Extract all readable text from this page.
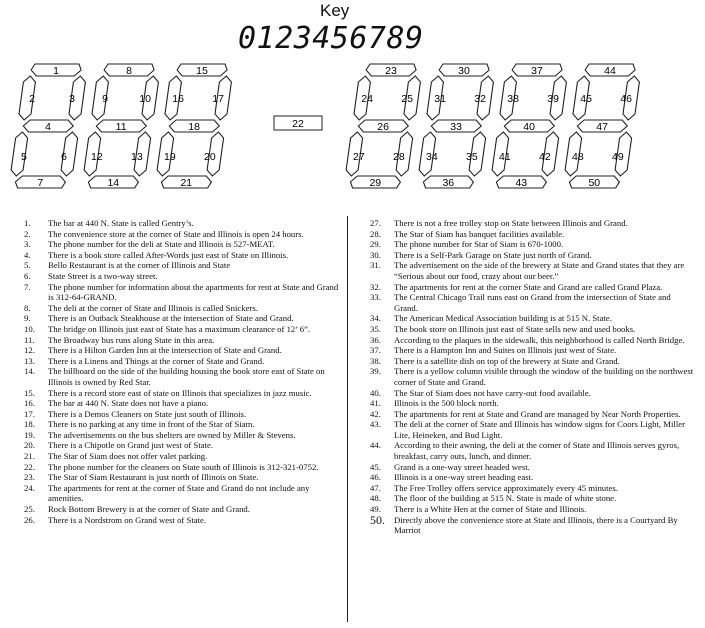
Key
0123456789
1
2	3
4
5	6
7
8
9	10
11
12	13
14
15
16	17
18
19	20
21
23
24	25
26
27	28
29
30
31	32
33
34	35
36
37
38	39
40
41	42
43
44
45	46
47
48	49
50
22
1.	The bar at 440 N. State is called Gentry’s.
2.	The convenience store at the corner of State and Illinois is open 24 hours.
3.	The phone number for the deli at State and Illinois is 527-MEAT.
4.	There is a book store called After-Words just east of State on Illinois.
5.	Bello Restaurant is at the corner of Illinois and State
6.	State Street is a two-way street.
7.	The phone number for information about the apartments for rent at State and Grand is 312-64-GRAND.
8.	The deli at the corner of State and Illinois is called Snickers.
9.	There is an Outback Steakhouse at the intersection of State and Grand.
10.	The bridge on Illinois just east of State has a maximum clearance of 12’ 6”.
11.	The Broadway bus runs along State in this area.
12.	There is a Hilton Garden Inn at the intersection of State and Grand.
13.	There is a Linens and Things at the corner of State and Grand.
14.	The billboard on the side of the building housing the book store east of State on Illinois is owned by Red Star.
15.	There is a record store east of state on Illinois that specializes in jazz music.
16.	The bar at 440 N. State does not have a piano.
17.	There is a Demos Cleaners on State just south of Illinois.
18.	There is no parking at any time in front of the Star of Siam.
19.	The advertisements on the bus shelters are owned by Miller & Stevens.
20.	There is a Chipotle on Grand just west of State.
21.	The Star of Siam does not offer valet parking.
22.	The phone number for the cleaners on State south of Illinois is 312-321-0752.
23.	The Star of Siam Restaurant is just north of Illinois on State.
24.	The apartments for rent at the corner of State and Grand do not include any amenities.
25.	Rock Bottom Brewery is at the corner of State and Grand.
26.	There is a Nordstrom on Grand west of State.
27.	There is not a free trolley stop on State between Illinois and Grand.
28.	The Star of Siam has banquet facilities available.
29.	The phone number for Star of Siam is 670-1000.
30.	There is a Self-Park Garage on State just north of Grand.
31.	The advertisement on the side of the brewery at State and Grand states that they are “Serious about our food, crazy about our beer.”
32.	The apartments for rent at the corner State and Grand are called Grand Plaza.
33.	The Central Chicago Trail runs east on Grand from the intersection of State and Grand.
34.	The American Medical Association building is at 515 N. State.
35.	The book store on Illinois just east of State sells new and used books.
36.	According to the plaques in the sidewalk, this neighborhood is called North Bridge.
37.	There is a Hampton Inn and Suites on Illinois just west of State.
38.	There is a satellite dish on top of the brewery at State and Grand.
39.	There is a yellow column visible through the window of the building on the northwest corner of State and Grand.
40.	The Star of Siam does not have carry-out food available.
41.	Illinois is the 500 block north.
42.	The apartments for rent at State and Grand are managed by Near North Properties.
43.	The deli at the corner of State and Illinois has window signs for Coors Light, Miller Lite, Heineken, and Bud Light.
44.	According to their awning, the deli at the corner of State and Illinois serves gyros, breakfast, carry outs, lunch, and dinner.
45.	Grand is a one-way street headed west.
46.	Illinois is a one-way street heading east.
47.	The Free Trolley offers service approximately every 45 minutes.
48.	The floor of the building at 515 N. State is made of white stone.
49.	There is a White Hen at the corner of State and Illinois.
50.	Directly above the convenience store at State and Illinois, there is a Courtyard By Marriot
